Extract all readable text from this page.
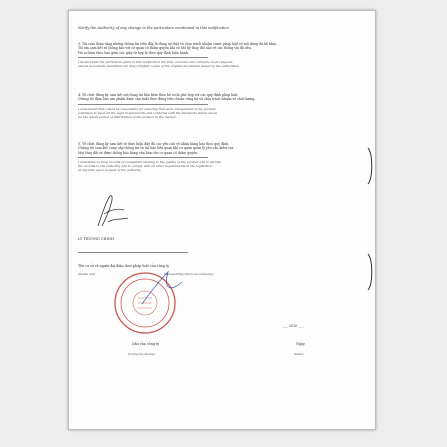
Notify the Authority of any change in the particulars mentioned in this notification
3. Tôi cam đoan rằng những thông tin trên đây là đúng sự thật và chịu trách nhiệm trước pháp luật về nội dung đã kê khai.
Tôi xin cam kết sẽ thông báo với cơ quan có thẩm quyền khi có bất kỳ thay đổi nào về các thông tin đã nêu.
Hồ sơ kèm theo bao gồm các giấy tờ hợp lệ theo quy định hiện hành.
I declare that the particulars given in this notification are true, accurate and complete in all respects,
and all documents submitted are duly certified copies of the original documents issued by the authorities.
4. Tổ chức đăng ký cam kết nội dung tài liệu kèm theo hồ sơ là phù hợp với các quy định pháp luật.
Chúng tôi đảm bảo sản phẩm được sản xuất theo đúng tiêu chuẩn công bố và chịu trách nhiệm về chất lượng.
I understand that I shall be responsible for ensuring that each consignment of my product
continues to meet all the legal requirements and conforms with the standards stated above
for the whole period of distribution of the product in the market.
5. Tổ chức đăng ký cam kết sẽ thực hiện đầy đủ các yêu cầu về nhãn hàng hóa theo quy định.
Chúng tôi cam kết cung cấp thông tin và tài liệu liên quan khi cơ quan quản lý yêu cầu kiểm tra.
Mọi thay đổi sẽ được thông báo bằng văn bản cho cơ quan có thẩm quyền.
I undertake to keep records of complaints relating to the quality of the product and to furnish
the records to the authority and to comply with all other requirements in the legislation
at any time upon request of the authority.
LY THUONG CHINH
Tên cơ sở và người đại diện theo pháp luật của công ty
(Name and	representing the local company)
Dấu của công ty
(Company stamp)
___ 2020 ___
Ngày
(Date)
